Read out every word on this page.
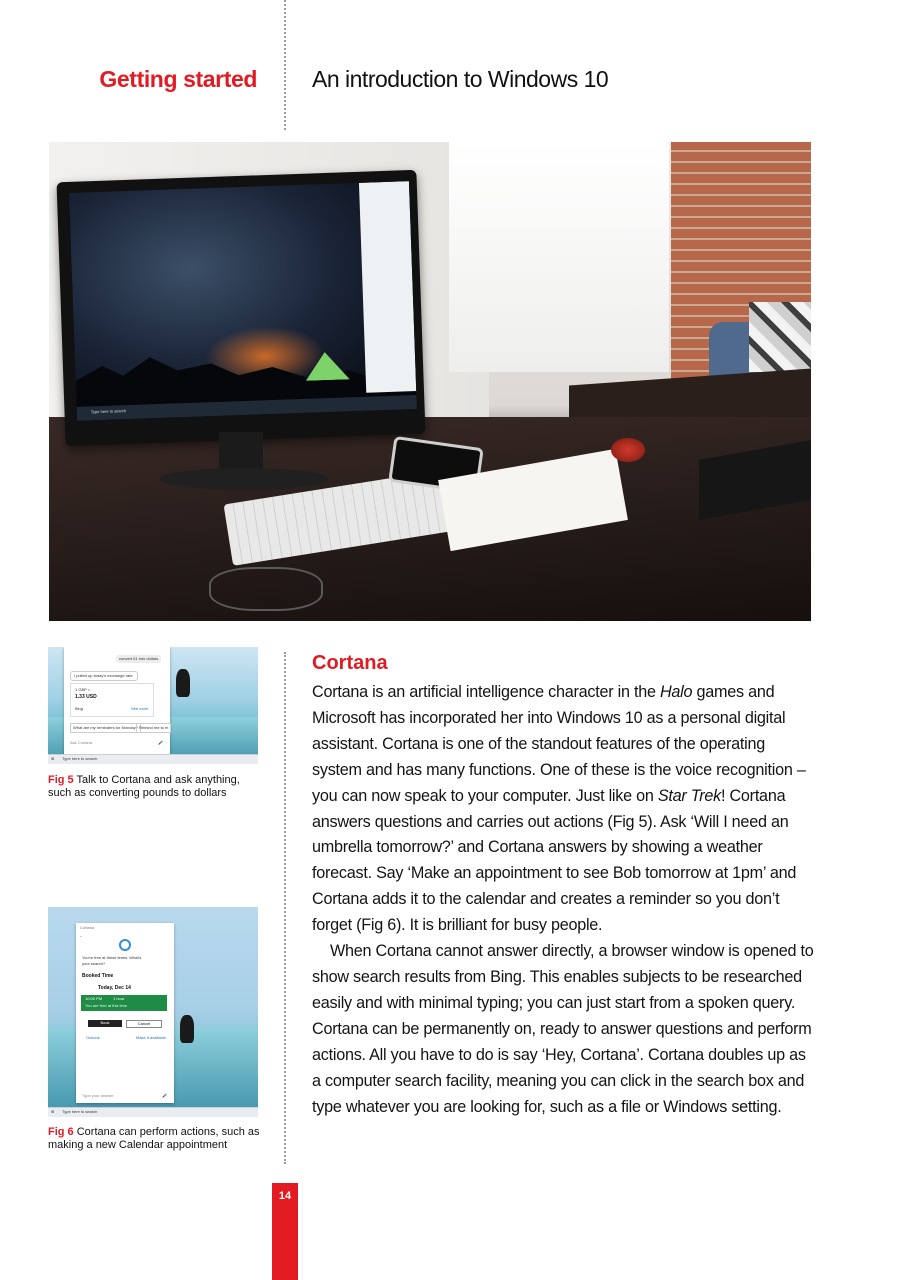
Getting started An introduction to Windows 10
Type here to search
convert £1 into dollars
I pulled up today's exchange rate.
1 GBP =
1.33 USD
Bing	See more
What are my reminders for Monday? Remind me to m
Ask Cortana	🎤
⊞ Type here to search
Fig 5 Talk to Cortana and ask anything, such as converting pounds to dollars
Cortana
←
You're free at these times. What's your search?
Booked Time
Today, Dec 14
10:00 PM	1 hour
You are free at this time
Book	Cancel
Outlook	Make it available
Type your answer	🎤
⊞ Type here to search
Fig 6 Cortana can perform actions, such as making a new Calendar appointment
Cortana

Cortana is an artificial intelligence character in the Halo games and Microsoft has incorporated her into Windows 10 as a personal digital assistant. Cortana is one of the standout features of the operating system and has many functions. One of these is the voice recognition – you can now speak to your computer. Just like on Star Trek! Cortana answers questions and carries out actions (Fig 5). Ask ‘Will I need an umbrella tomorrow?’ and Cortana answers by showing a weather forecast. Say ‘Make an appointment to see Bob tomorrow at 1pm’ and Cortana adds it to the calendar and creates a reminder so you don’t forget (Fig 6). It is brilliant for busy people.

When Cortana cannot answer directly, a browser window is opened to show search results from Bing. This enables subjects to be researched easily and with minimal typing; you can just start from a spoken query. Cortana can be permanently on, ready to answer questions and perform actions. All you have to do is say ‘Hey, Cortana’. Cortana doubles up as a computer search facility, meaning you can click in the search box and type whatever you are looking for, such as a file or Windows setting.

14
